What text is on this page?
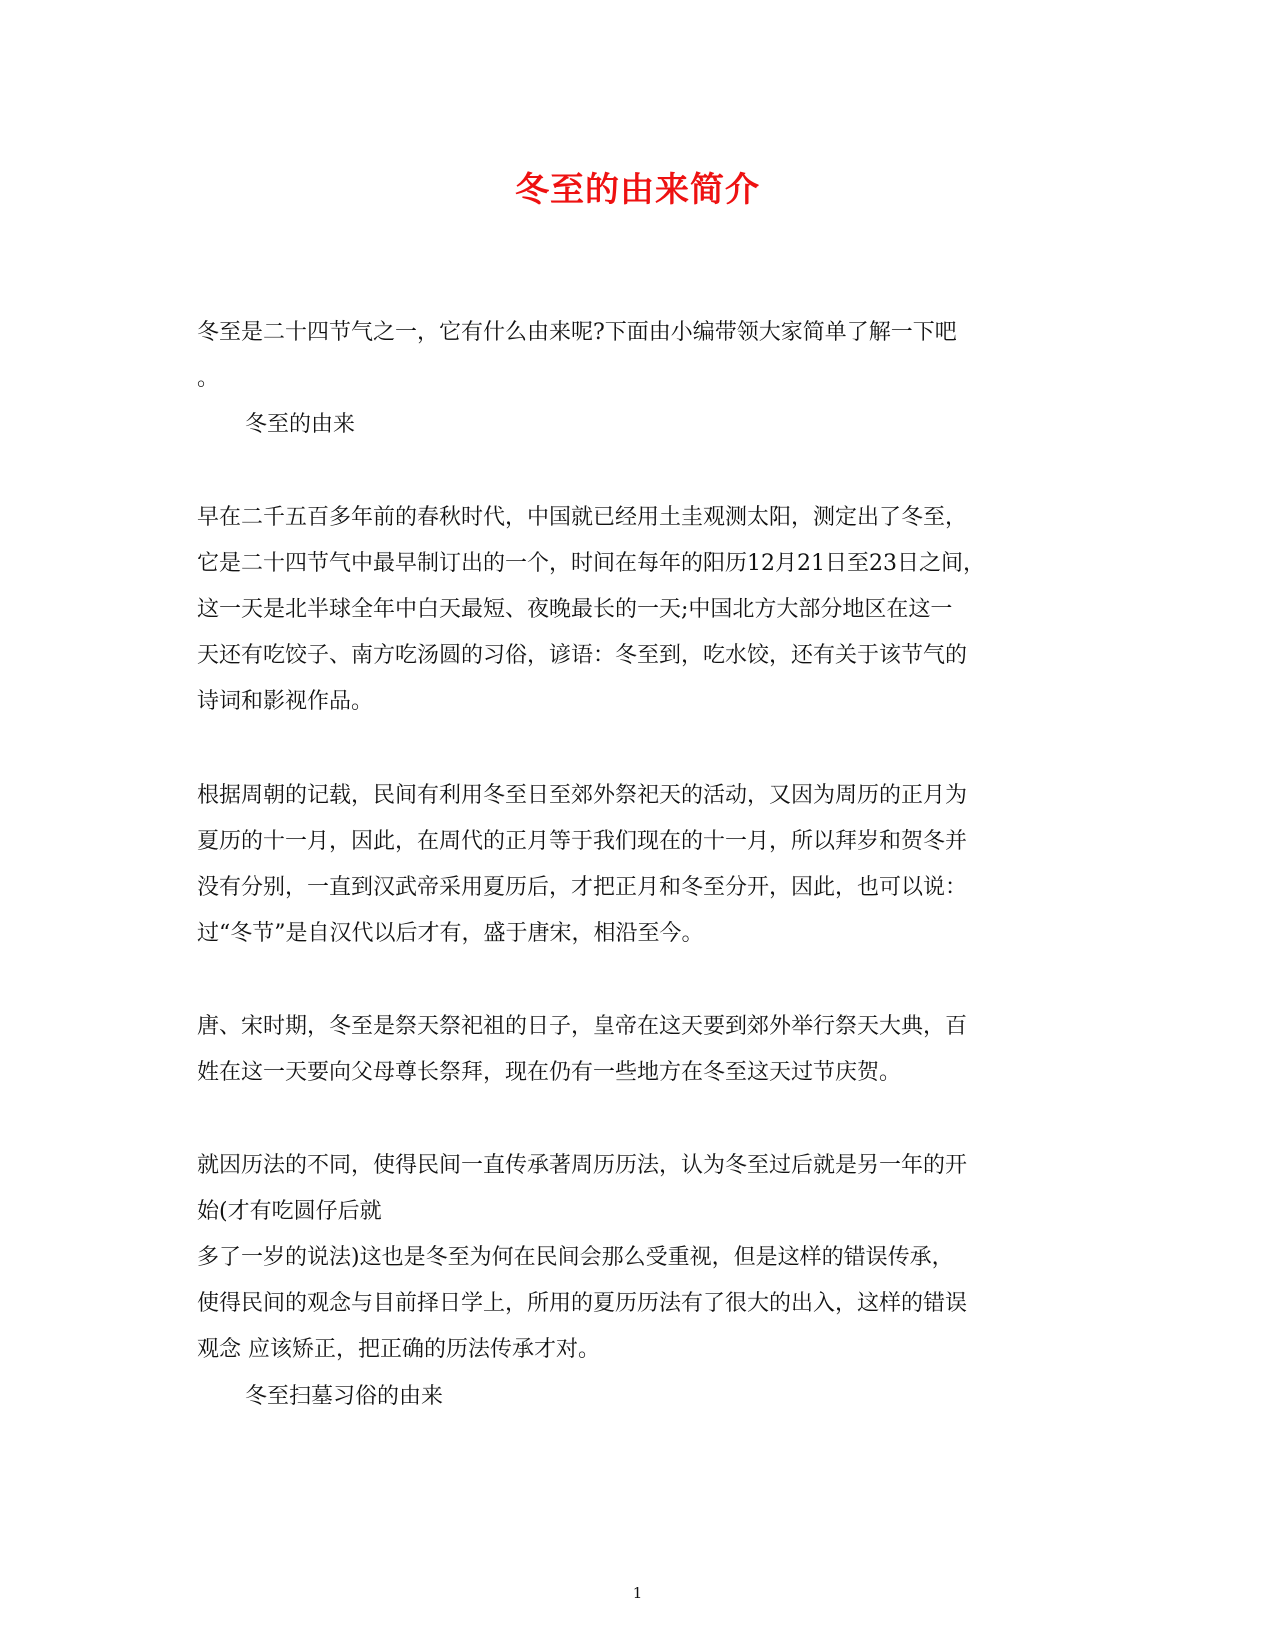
冬至的由来简介
冬至是二十四节气之一，它有什么由来呢?下面由小编带领大家简单了解一下吧
。
冬至的由来
早在二千五百多年前的春秋时代，中国就已经用土圭观测太阳，测定出了冬至，
它是二十四节气中最早制订出的一个，时间在每年的阳历12月21日至23日之间，
这一天是北半球全年中白天最短、夜晚最长的一天;中国北方大部分地区在这一
天还有吃饺子、南方吃汤圆的习俗，谚语：冬至到，吃水饺，还有关于该节气的
诗词和影视作品。
根据周朝的记载，民间有利用冬至日至郊外祭祀天的活动，又因为周历的正月为
夏历的十一月，因此，在周代的正月等于我们现在的十一月，所以拜岁和贺冬并
没有分别，一直到汉武帝采用夏历后，才把正月和冬至分开，因此，也可以说：
过“冬节”是自汉代以后才有，盛于唐宋，相沿至今。
唐、宋时期，冬至是祭天祭祀祖的日子，皇帝在这天要到郊外举行祭天大典，百
姓在这一天要向父母尊长祭拜，现在仍有一些地方在冬至这天过节庆贺。
就因历法的不同，使得民间一直传承著周历历法，认为冬至过后就是另一年的开
始(才有吃圆仔后就
多了一岁的说法)这也是冬至为何在民间会那么受重视，但是这样的错误传承，
使得民间的观念与目前择日学上，所用的夏历历法有了很大的出入，这样的错误
观念 应该矫正，把正确的历法传承才对。
冬至扫墓习俗的由来
1
